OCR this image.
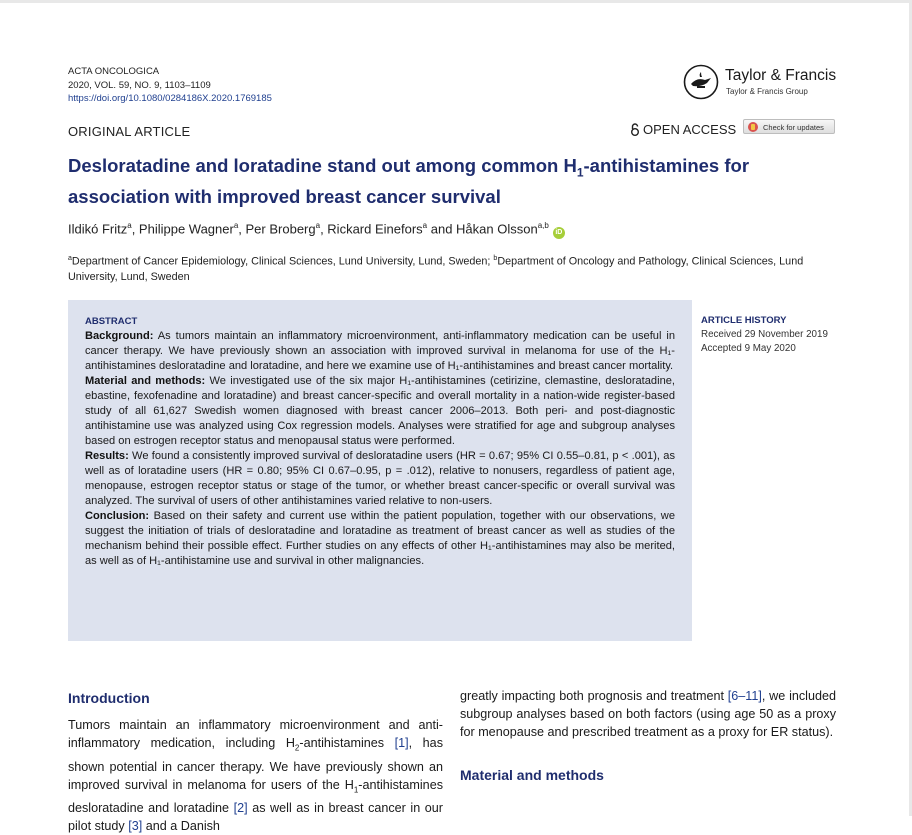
ACTA ONCOLOGICA
2020, VOL. 59, NO. 9, 1103–1109
https://doi.org/10.1080/0284186X.2020.1769185
Taylor & Francis
Taylor & Francis Group
ORIGINAL ARTICLE	OPEN ACCESS	Check for updates
Desloratadine and loratadine stand out among common $H_1$-antihistamines for association with improved breast cancer survival
Ildikó Fritz$^a$, Philippe Wagner$^a$, Per Broberg$^a$, Rickard Einefors$^a$ and Håkan Olsson$^{a,b}$iD
$^a$Department of Cancer Epidemiology, Clinical Sciences, Lund University, Lund, Sweden; $^b$Department of Oncology and Pathology, Clinical Sciences, Lund University, Lund, Sweden
ABSTRACT

Background: As tumors maintain an inflammatory microenvironment, anti-inflammatory medication can be useful in cancer therapy. We have previously shown an association with improved survival in melanoma for use of the H₁-antihistamines desloratadine and loratadine, and here we examine use of H₁-antihistamines and breast cancer mortality.

Material and methods: We investigated use of the six major H₁-antihistamines (cetirizine, clemastine, desloratadine, ebastine, fexofenadine and loratadine) and breast cancer-specific and overall mortality in a nation-wide register-based study of all 61,627 Swedish women diagnosed with breast cancer 2006–2013. Both peri- and post-diagnostic antihistamine use was analyzed using Cox regression models. Analyses were stratified for age and subgroup analyses based on estrogen receptor status and menopausal status were performed.

Results: We found a consistently improved survival of desloratadine users (HR = 0.67; 95% CI 0.55–0.81, p < .001), as well as of loratadine users (HR = 0.80; 95% CI 0.67–0.95, p = .012), relative to nonusers, regardless of patient age, menopause, estrogen receptor status or stage of the tumor, or whether breast cancer-specific or overall survival was analyzed. The survival of users of other antihistamines varied relative to non-users.

Conclusion: Based on their safety and current use within the patient population, together with our observations, we suggest the initiation of trials of desloratadine and loratadine as treatment of breast cancer as well as studies of the mechanism behind their possible effect. Further studies on any effects of other H₁-antihistamines may also be merited, as well as of H₁-antihistamine use and survival in other malignancies.

ARTICLE HISTORY
Received 29 November 2019
Accepted 9 May 2020
Introduction

Tumors maintain an inflammatory microenvironment and anti-inflammatory medication, including $H_2$-antihistamines [1], has shown potential in cancer therapy. We have previously shown an improved survival in melanoma for users of the $H_1$-antihistamines desloratadine and loratadine [2] as well as in breast cancer in our pilot study [3] and a Danish

greatly impacting both prognosis and treatment [6–11], we included subgroup analyses based on both factors (using age 50 as a proxy for menopause and prescribed treatment as a proxy for ER status).

Material and methods
